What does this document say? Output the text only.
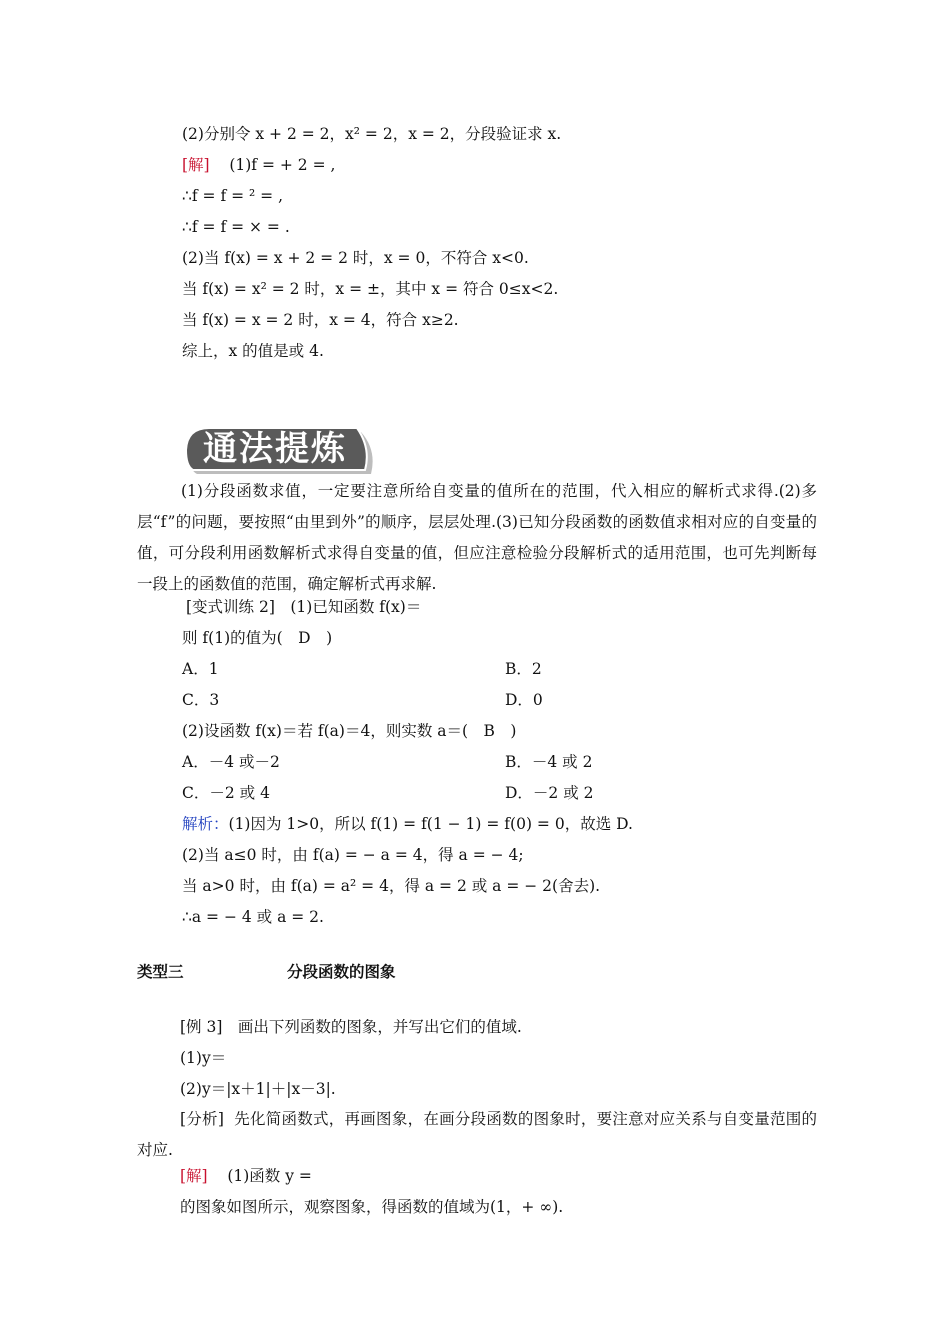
(2)分别令 x + 2 = 2，x² = 2，x = 2，分段验证求 x.
[解] (1)f = + 2 = ,
∴f = f = ² = ,
∴f = f = × = .
(2)当 f(x) = x + 2 = 2 时，x = 0，不符合 x<0.
当 f(x) = x² = 2 时，x = ±，其中 x = 符合 0≤x<2.
当 f(x) = x = 2 时，x = 4，符合 x≥2.
综上，x 的值是或 4.
通法提炼
(1)分段函数求值，一定要注意所给自变量的值所在的范围，代入相应的解析式求得.(2)多层“f”的问题，要按照“由里到外”的顺序，层层处理.(3)已知分段函数的函数值求相对应的自变量的值，可分段利用函数解析式求得自变量的值，但应注意检验分段解析式的适用范围，也可先判断每一段上的函数值的范围，确定解析式再求解.
[变式训练 2]　(1)已知函数 f(x)＝
则 f(1)的值为(　D　)
A．1	B．2
C．3	D．0
(2)设函数 f(x)＝若 f(a)＝4，则实数 a＝(　B　)
A．－4 或－2	B．－4 或 2
C．－2 或 4	D．－2 或 2
解析：(1)因为 1>0，所以 f(1) = f(1 − 1) = f(0) = 0，故选 D.
(2)当 a≤0 时，由 f(a) = − a = 4，得 a = − 4;
当 a>0 时，由 f(a) = a² = 4，得 a = 2 或 a = − 2(舍去).
∴a = − 4 或 a = 2.
类型三	分段函数的图象
[例 3]　画出下列函数的图象，并写出它们的值域.
(1)y＝
(2)y＝|x＋1|＋|x－3|.
[分析] 先化简函数式，再画图象，在画分段函数的图象时，要注意对应关系与自变量范围的对应.
[解] (1)函数 y =
的图象如图所示，观察图象，得函数的值域为(1，+ ∞).
